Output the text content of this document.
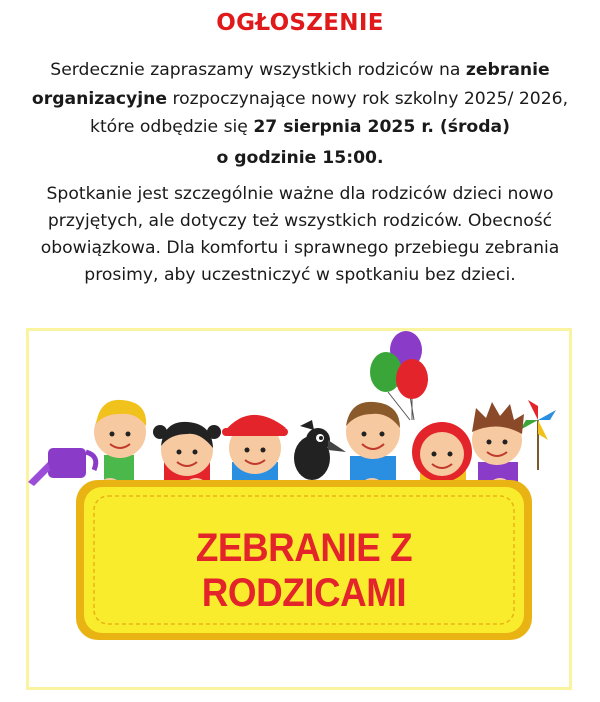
OGŁOSZENIE
Serdecznie zapraszamy wszystkich rodziców na zebranie organizacyjne rozpoczynające nowy rok szkolny 2025/ 2026, które odbędzie się 27 sierpnia 2025 r. (środa)
o godzinie 15:00.
Spotkanie jest szczególnie ważne dla rodziców dzieci nowo przyjętych, ale dotyczy też wszystkich rodziców. Obecność obowiązkowa. Dla komfortu i sprawnego przebiegu zebrania prosimy, aby uczestniczyć w spotkaniu bez dzieci.
ZEBRANIE Z RODZICAMI
